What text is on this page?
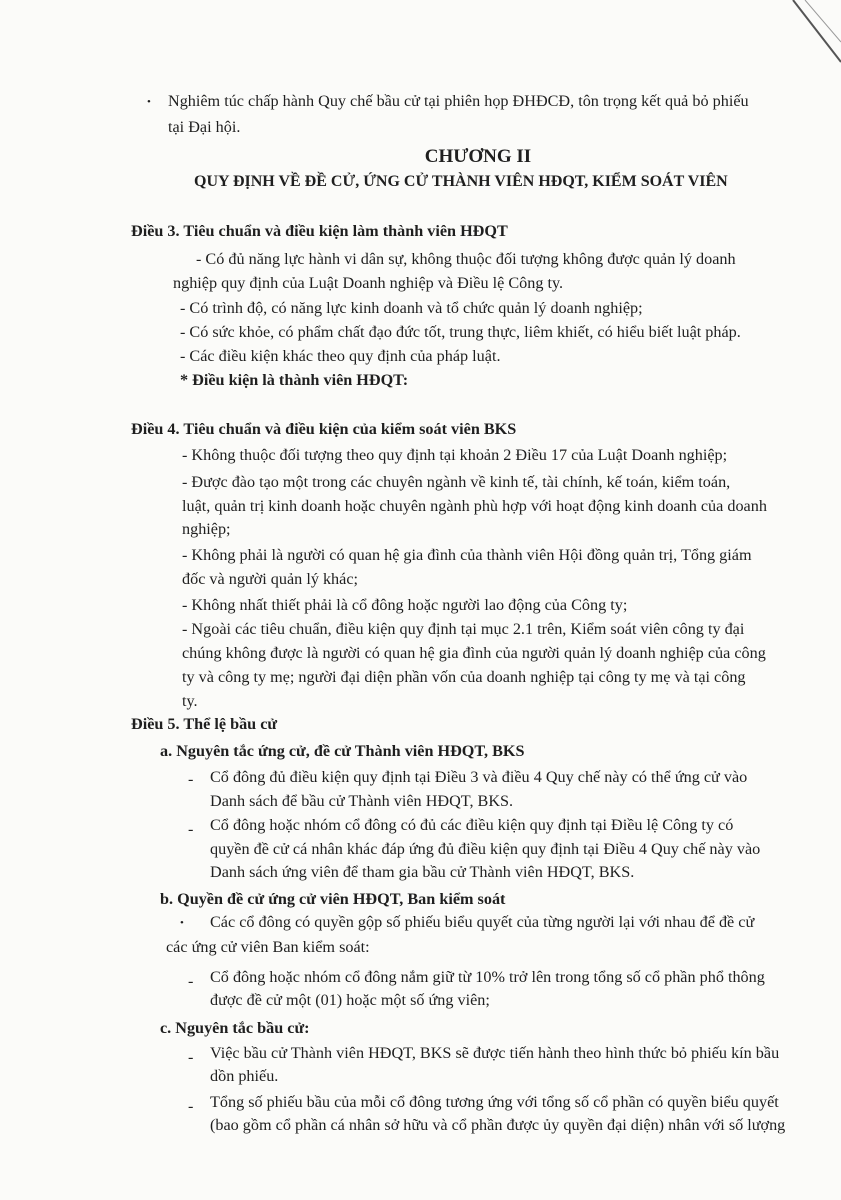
• Nghiêm túc chấp hành Quy chế bầu cử tại phiên họp ĐHĐCĐ, tôn trọng kết quả bỏ phiếu
tại Đại hội.
CHƯƠNG II
QUY ĐỊNH VỀ ĐỀ CỬ, ỨNG CỬ THÀNH VIÊN HĐQT, KIỂM SOÁT VIÊN
Điều 3. Tiêu chuẩn và điều kiện làm thành viên HĐQT
- Có đủ năng lực hành vi dân sự, không thuộc đối tượng không được quản lý doanh
nghiệp quy định của Luật Doanh nghiệp và Điều lệ Công ty.
- Có trình độ, có năng lực kinh doanh và tổ chức quản lý doanh nghiệp;
- Có sức khỏe, có phẩm chất đạo đức tốt, trung thực, liêm khiết, có hiểu biết luật pháp.
- Các điều kiện khác theo quy định của pháp luật.
* Điều kiện là thành viên HĐQT:
Điều 4. Tiêu chuẩn và điều kiện của kiểm soát viên BKS
- Không thuộc đối tượng theo quy định tại khoản 2 Điều 17 của Luật Doanh nghiệp;
- Được đào tạo một trong các chuyên ngành về kinh tế, tài chính, kế toán, kiểm toán,
luật, quản trị kinh doanh hoặc chuyên ngành phù hợp với hoạt động kinh doanh của doanh
nghiệp;
- Không phải là người có quan hệ gia đình của thành viên Hội đồng quản trị, Tổng giám
đốc và người quản lý khác;
- Không nhất thiết phải là cổ đông hoặc người lao động của Công ty;
- Ngoài các tiêu chuẩn, điều kiện quy định tại mục 2.1 trên, Kiểm soát viên công ty đại
chúng không được là người có quan hệ gia đình của người quản lý doanh nghiệp của công
ty và công ty mẹ; người đại diện phần vốn của doanh nghiệp tại công ty mẹ và tại công
ty.
Điều 5. Thể lệ bầu cử
a. Nguyên tắc ứng cử, đề cử Thành viên HĐQT, BKS
- Cổ đông đủ điều kiện quy định tại Điều 3 và điều 4 Quy chế này có thể ứng cử vào
Danh sách để bầu cử Thành viên HĐQT, BKS.
- Cổ đông hoặc nhóm cổ đông có đủ các điều kiện quy định tại Điều lệ Công ty có
quyền đề cử cá nhân khác đáp ứng đủ điều kiện quy định tại Điều 4 Quy chế này vào
Danh sách ứng viên để tham gia bầu cử Thành viên HĐQT, BKS.
b. Quyền đề cử ứng cử viên HĐQT, Ban kiểm soát
• Các cổ đông có quyền gộp số phiếu biểu quyết của từng người lại với nhau để đề cử
các ứng cử viên Ban kiểm soát:
- Cổ đông hoặc nhóm cổ đông nắm giữ từ 10% trở lên trong tổng số cổ phần phổ thông
được đề cử một (01) hoặc một số ứng viên;
c. Nguyên tắc bầu cử:
- Việc bầu cử Thành viên HĐQT, BKS sẽ được tiến hành theo hình thức bỏ phiếu kín bầu
dồn phiếu.
- Tổng số phiếu bầu của mỗi cổ đông tương ứng với tổng số cổ phần có quyền biểu quyết
(bao gồm cổ phần cá nhân sở hữu và cổ phần được ủy quyền đại diện) nhân với số lượng
